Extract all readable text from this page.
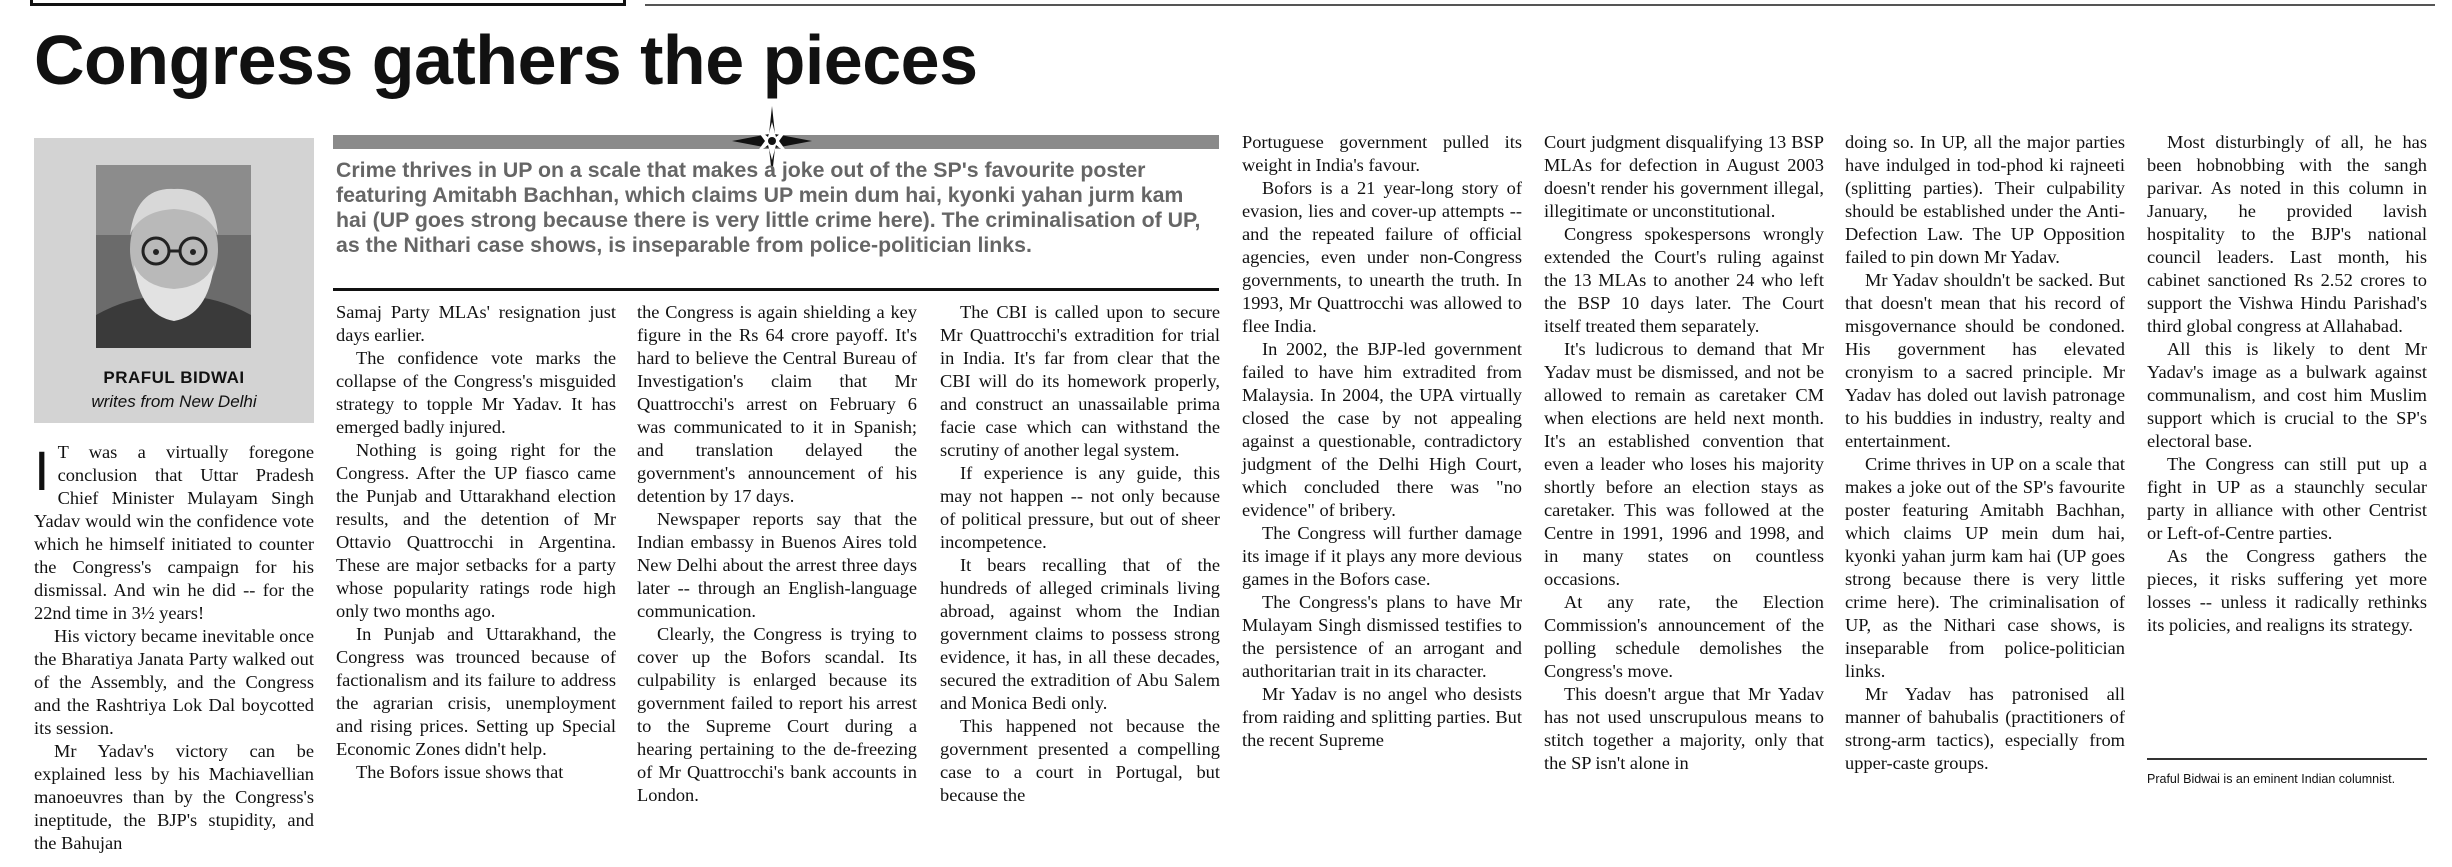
Congress gathers the pieces
PRAFUL BIDWAI
writes from New Delhi
Crime thrives in UP on a scale that makes a joke out of the SP's favourite poster featuring Amitabh Bachhan, which claims UP mein dum hai, kyonki yahan jurm kam hai (UP goes strong because there is very little crime here). The criminalisation of UP, as the Nithari case shows, is inseparable from police-politician links.

I T was a virtually foregone conclusion that Uttar Pradesh Chief Minister Mulayam Singh Yadav would win the confidence vote which he himself initiated to counter the Congress's campaign for his dismissal. And win he did -- for the 22nd time in 3½ years!

His victory became inevitable once the Bharatiya Janata Party walked out of the Assembly, and the Congress and the Rashtriya Lok Dal boycotted its session.

Mr Yadav's victory can be explained less by his Machiavellian manoeuvres than by the Congress's ineptitude, the BJP's stupidity, and the Bahujan

Samaj Party MLAs' resignation just days earlier.

The confidence vote marks the collapse of the Congress's misguided strategy to topple Mr Yadav. It has emerged badly injured.

Nothing is going right for the Congress. After the UP fiasco came the Punjab and Uttarakhand election results, and the detention of Mr Ottavio Quattrocchi in Argentina. These are major setbacks for a party whose popularity ratings rode high only two months ago.

In Punjab and Uttarakhand, the Congress was trounced because of factionalism and its failure to address the agrarian crisis, unemployment and rising prices. Setting up Special Economic Zones didn't help.

The Bofors issue shows that

the Congress is again shielding a key figure in the Rs 64 crore payoff. It's hard to believe the Central Bureau of Investigation's claim that Mr Quattrocchi's arrest on February 6 was communicated to it in Spanish; and translation delayed the government's announcement of his detention by 17 days.

Newspaper reports say that the Indian embassy in Buenos Aires told New Delhi about the arrest three days later -- through an English-language communication.

Clearly, the Congress is trying to cover up the Bofors scandal. Its culpability is enlarged because its government failed to report his arrest to the Supreme Court during a hearing pertaining to the de-freezing of Mr Quattrocchi's bank accounts in London.

The CBI is called upon to secure Mr Quattrocchi's extradition for trial in India. It's far from clear that the CBI will do its homework properly, and construct an unassailable prima facie case which can withstand the scrutiny of another legal system.

If experience is any guide, this may not happen -- not only because of political pressure, but out of sheer incompetence.

It bears recalling that of the hundreds of alleged criminals living abroad, against whom the Indian government claims to possess strong evidence, it has, in all these decades, secured the extradition of Abu Salem and Monica Bedi only.

This happened not because the government presented a compelling case to a court in Portugal, but because the

Portuguese government pulled its weight in India's favour.

Bofors is a 21 year-long story of evasion, lies and cover-up attempts -- and the repeated failure of official agencies, even under non-Congress governments, to unearth the truth. In 1993, Mr Quattrocchi was allowed to flee India.

In 2002, the BJP-led government failed to have him extradited from Malaysia. In 2004, the UPA virtually closed the case by not appealing against a questionable, contradictory judgment of the Delhi High Court, which concluded there was "no evidence" of bribery.

The Congress will further damage its image if it plays any more devious games in the Bofors case.

The Congress's plans to have Mr Mulayam Singh dismissed testifies to the persistence of an arrogant and authoritarian trait in its character.

Mr Yadav is no angel who desists from raiding and splitting parties. But the recent Supreme

Court judgment disqualifying 13 BSP MLAs for defection in August 2003 doesn't render his government illegal, illegitimate or unconstitutional.

Congress spokespersons wrongly extended the Court's ruling against the 13 MLAs to another 24 who left the BSP 10 days later. The Court itself treated them separately.

It's ludicrous to demand that Mr Yadav must be dismissed, and not be allowed to remain as caretaker CM when elections are held next month. It's an established convention that even a leader who loses his majority shortly before an election stays as caretaker. This was followed at the Centre in 1991, 1996 and 1998, and in many states on countless occasions.

At any rate, the Election Commission's announcement of the polling schedule demolishes the Congress's move.

This doesn't argue that Mr Yadav has not used unscrupulous means to stitch together a majority, only that the SP isn't alone in

doing so. In UP, all the major parties have indulged in tod-phod ki rajneeti (splitting parties). Their culpability should be established under the Anti-Defection Law. The UP Opposition failed to pin down Mr Yadav.

Mr Yadav shouldn't be sacked. But that doesn't mean that his record of misgovernance should be condoned. His government has elevated cronyism to a sacred principle. Mr Yadav has doled out lavish patronage to his buddies in industry, realty and entertainment.

Crime thrives in UP on a scale that makes a joke out of the SP's favourite poster featuring Amitabh Bachhan, which claims UP mein dum hai, kyonki yahan jurm kam hai (UP goes strong because there is very little crime here). The criminalisation of UP, as the Nithari case shows, is inseparable from police-politician links.

Mr Yadav has patronised all manner of bahubalis (practitioners of strong-arm tactics), especially from upper-caste groups.

Most disturbingly of all, he has been hobnobbing with the sangh parivar. As noted in this column in January, he provided lavish hospitality to the BJP's national council leaders. Last month, his cabinet sanctioned Rs 2.52 crores to support the Vishwa Hindu Parishad's third global congress at Allahabad.

All this is likely to dent Mr Yadav's image as a bulwark against communalism, and cost him Muslim support which is crucial to the SP's electoral base.

The Congress can still put up a fight in UP as a staunchly secular party in alliance with other Centrist or Left-of-Centre parties.

As the Congress gathers the pieces, it risks suffering yet more losses -- unless it radically rethinks its policies, and realigns its strategy.

Praful Bidwai is an eminent Indian columnist.
